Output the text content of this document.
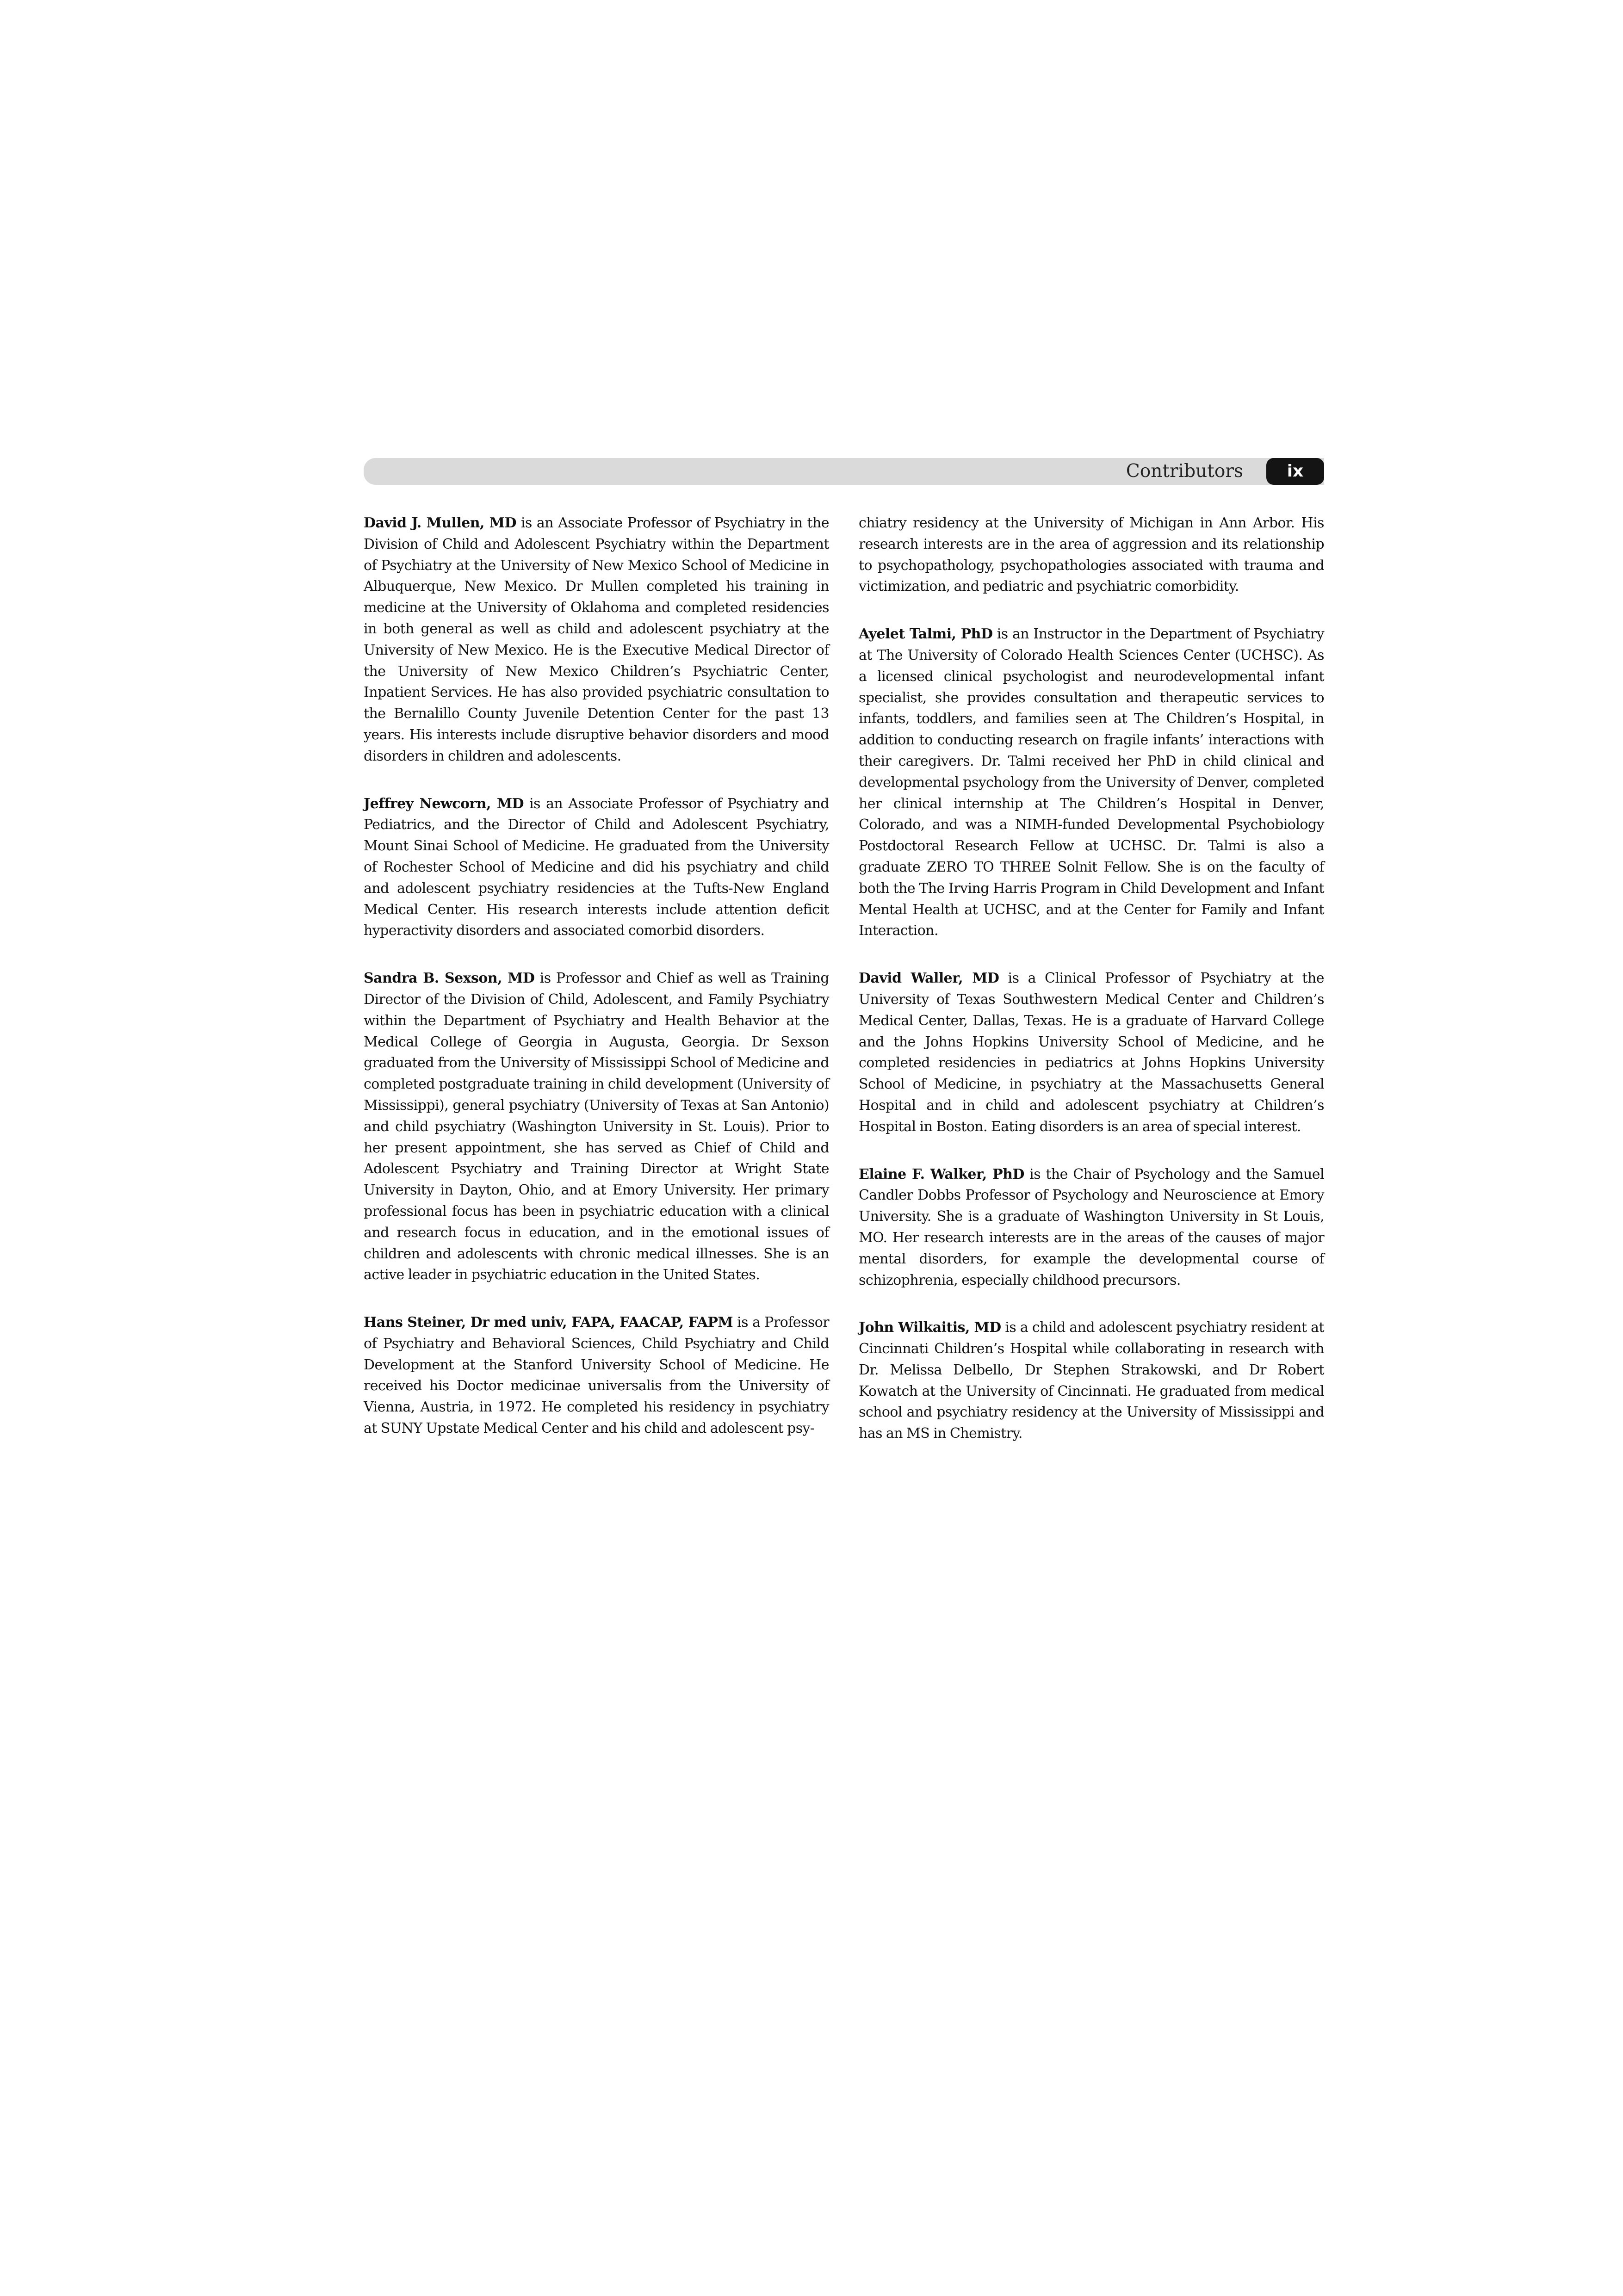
Contributors	ix

David J. Mullen, MD is an Associate Professor of Psychiatry in the Division of Child and Adolescent Psychiatry within the Department of Psychiatry at the University of New Mexico School of Medicine in Albuquerque, New Mexico. Dr Mullen completed his training in medicine at the University of Oklahoma and completed residencies in both general as well as child and adolescent psychiatry at the University of New Mexico. He is the Executive Medical Director of the University of New Mexico Children’s Psychiatric Center, Inpatient Services. He has also provided psychiatric consultation to the Bernalillo County Juvenile Detention Center for the past 13 years. His interests include disruptive behavior disorders and mood disorders in children and adolescents.

Jeffrey Newcorn, MD is an Associate Professor of Psychiatry and Pediatrics, and the Director of Child and Adolescent Psychiatry, Mount Sinai School of Medicine. He graduated from the University of Rochester School of Medicine and did his psychiatry and child and adolescent psychiatry residencies at the Tufts-New England Medical Center. His research interests include attention deficit hyperactivity disorders and associated comorbid disorders.

Sandra B. Sexson, MD is Professor and Chief as well as Training Director of the Division of Child, Adolescent, and Family Psychiatry within the Department of Psychiatry and Health Behavior at the Medical College of Georgia in Augusta, Georgia. Dr Sexson graduated from the University of Mississippi School of Medicine and completed postgraduate training in child development (University of Mississippi), general psychiatry (University of Texas at San Antonio) and child psychiatry (Washington University in St. Louis). Prior to her present appointment, she has served as Chief of Child and Adolescent Psychiatry and Training Director at Wright State University in Dayton, Ohio, and at Emory University. Her primary professional focus has been in psychiatric education with a clinical and research focus in education, and in the emotional issues of children and adolescents with chronic medical illnesses. She is an active leader in psychiatric education in the United States.

Hans Steiner, Dr med univ, FAPA, FAACAP, FAPM is a Professor of Psychiatry and Behavioral Sciences, Child Psychiatry and Child Development at the Stanford University School of Medicine. He received his Doctor medicinae universalis from the University of Vienna, Austria, in 1972. He completed his residency in psychiatry at SUNY Upstate Medical Center and his child and adolescent psy-

chiatry residency at the University of Michigan in Ann Arbor. His research interests are in the area of aggression and its relationship to psychopathology, psychopathologies associated with trauma and victimization, and pediatric and psychiatric comorbidity.

Ayelet Talmi, PhD is an Instructor in the Department of Psychiatry at The University of Colorado Health Sciences Center (UCHSC). As a licensed clinical psychologist and neurodevelopmental infant specialist, she provides consultation and therapeutic services to infants, toddlers, and families seen at The Children’s Hospital, in addition to conducting research on fragile infants’ interactions with their caregivers. Dr. Talmi received her PhD in child clinical and developmental psychology from the University of Denver, completed her clinical internship at The Children’s Hospital in Denver, Colorado, and was a NIMH-funded Developmental Psychobiology Postdoctoral Research Fellow at UCHSC. Dr. Talmi is also a graduate ZERO TO THREE Solnit Fellow. She is on the faculty of both the The Irving Harris Program in Child Development and Infant Mental Health at UCHSC, and at the Center for Family and Infant Interaction.

David Waller, MD is a Clinical Professor of Psychiatry at the University of Texas Southwestern Medical Center and Children’s Medical Center, Dallas, Texas. He is a graduate of Harvard College and the Johns Hopkins University School of Medicine, and he completed residencies in pediatrics at Johns Hopkins University School of Medicine, in psychiatry at the Massachusetts General Hospital and in child and adolescent psychiatry at Children’s Hospital in Boston. Eating disorders is an area of special interest.

Elaine F. Walker, PhD is the Chair of Psychology and the Samuel Candler Dobbs Professor of Psychology and Neuroscience at Emory University. She is a graduate of Washington University in St Louis, MO. Her research interests are in the areas of the causes of major mental disorders, for example the developmental course of schizophrenia, especially childhood precursors.

John Wilkaitis, MD is a child and adolescent psychiatry resident at Cincinnati Children’s Hospital while collaborating in research with Dr. Melissa Delbello, Dr Stephen Strakowski, and Dr Robert Kowatch at the University of Cincinnati. He graduated from medical school and psychiatry residency at the University of Mississippi and has an MS in Chemistry.
